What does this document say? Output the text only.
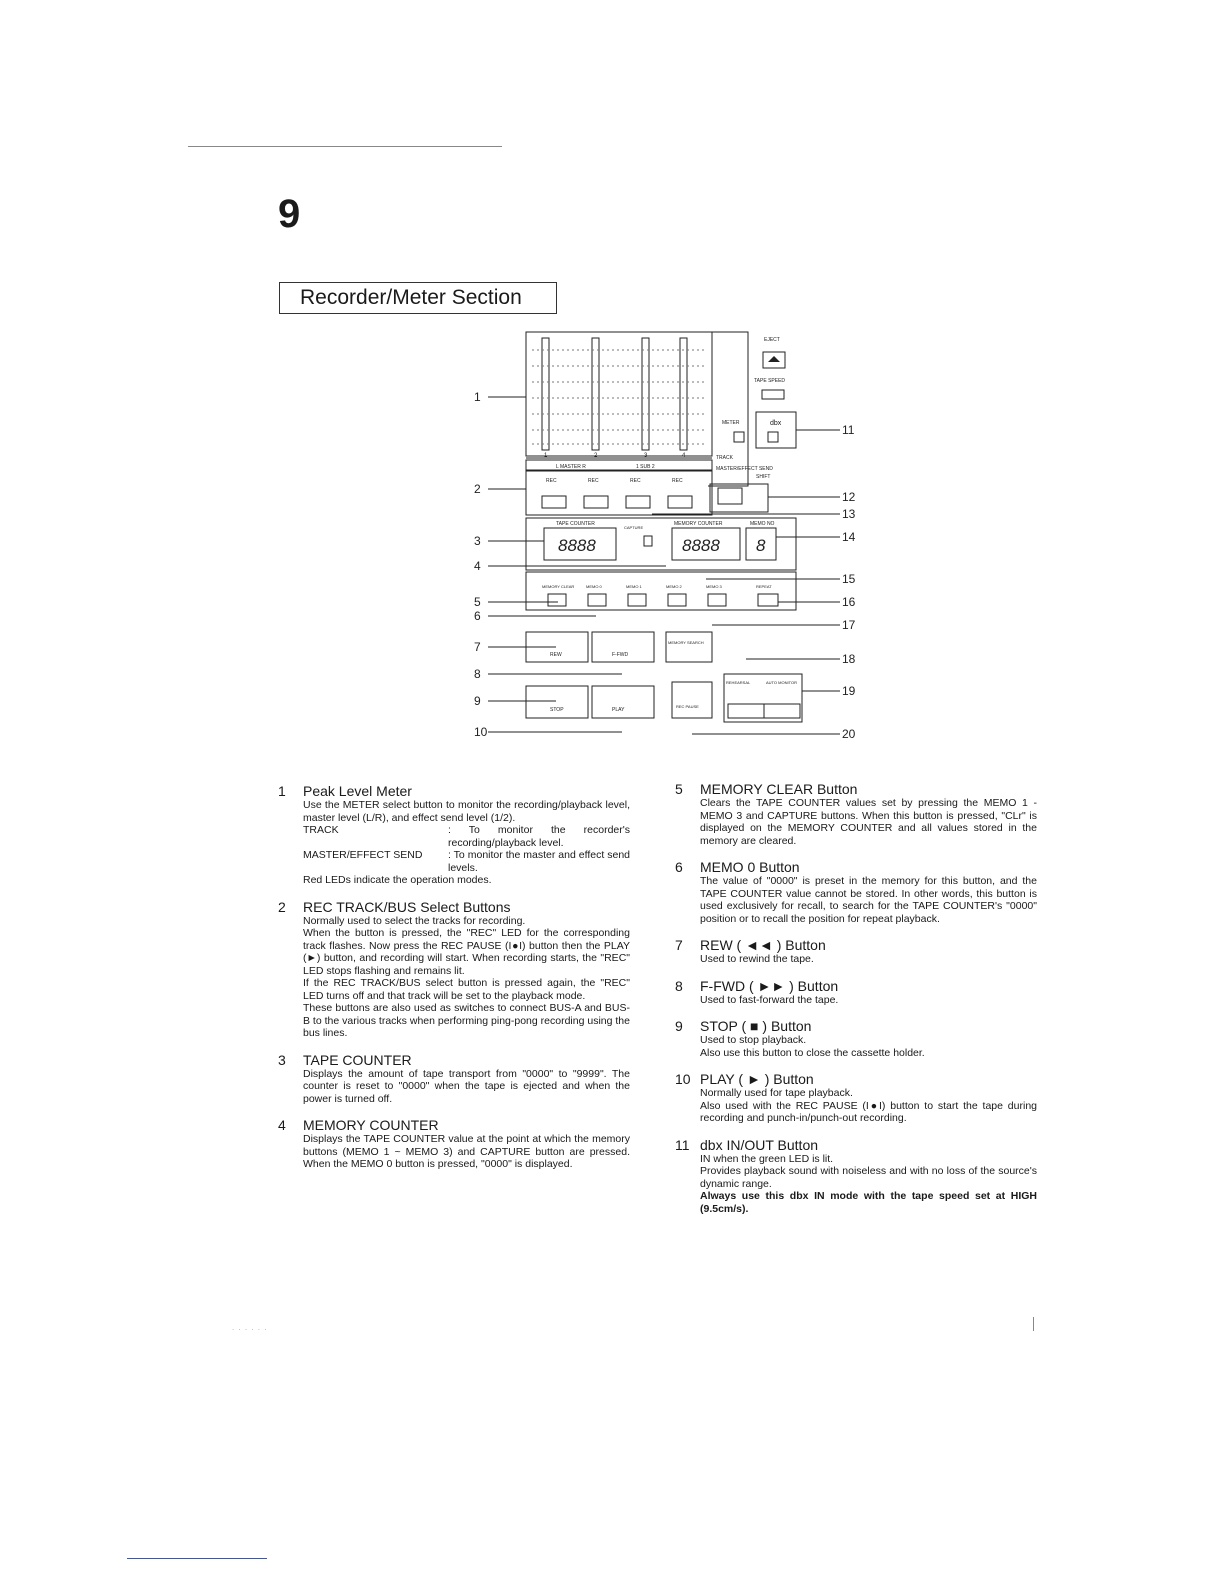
9
Recorder/Meter Section
1	2	3	4
L MASTER R	1 SUB 2
EJECT
TAPE SPEED
METER	dbx
TRACK
MASTER/EFFECT SEND
REC	REC	REC	REC
SHIFT
TAPE COUNTER
8888
CAPTURE
MEMORY COUNTER
8888
MEMO NO
8
MEMORY CLEAR	MEMO 0	MEMO 1	MEMO 2	MEMO 3	REPEAT
REW	F-FWD
MEMORY SEARCH
STOP	PLAY
REC PAUSE
REHEARSAL	AUTO MONITOR
1
2
3
4
5
6
7
8
9
10
11
12
13
14
15
16
17
18
19
20
1 Peak Level Meter

Use the METER select button to monitor the recording/playback level, master level (L/R), and effect send level (1/2).

TRACK	: To monitor the recorder's recording/playback level.
MASTER/EFFECT SEND	: To monitor the master and effect send levels.

Red LEDs indicate the operation modes.

2 REC TRACK/BUS Select Buttons

Normally used to select the tracks for recording.

When the button is pressed, the "REC" LED for the corresponding track flashes. Now press the REC PAUSE (I●I) button then the PLAY (►) button, and recording will start. When recording starts, the "REC" LED stops flashing and remains lit.

If the REC TRACK/BUS select button is pressed again, the "REC" LED turns off and that track will be set to the playback mode.

These buttons are also used as switches to connect BUS-A and BUS-B to the various tracks when performing ping-pong recording using the bus lines.

3 TAPE COUNTER
Displays the amount of tape transport from "0000" to "9999". The counter is reset to "0000" when the tape is ejected and when the power is turned off.
4 MEMORY COUNTER
Displays the TAPE COUNTER value at the point at which the memory buttons (MEMO 1 ~ MEMO 3) and CAPTURE button are pressed. When the MEMO 0 button is pressed, "0000" is displayed.
5 MEMORY CLEAR Button
Clears the TAPE COUNTER values set by pressing the MEMO 1 - MEMO 3 and CAPTURE buttons. When this button is pressed, "CLr" is displayed on the MEMORY COUNTER and all values stored in the memory are cleared.
6 MEMO 0 Button
The value of "0000" is preset in the memory for this button, and the TAPE COUNTER value cannot be stored. In other words, this button is used exclusively for recall, to search for the TAPE COUNTER's "0000" position or to recall the position for repeat playback.
7 REW ( ◄◄ ) Button
Used to rewind the tape.
8 F-FWD ( ►► ) Button
Used to fast-forward the tape.
9 STOP ( ■ ) Button

Used to stop playback.

Also use this button to close the cassette holder.

10 PLAY ( ► ) Button

Normally used for tape playback.

Also used with the REC PAUSE (I●I) button to start the tape during recording and punch-in/punch-out recording.

11 dbx IN/OUT Button

IN when the green LED is lit.

Provides playback sound with noiseless and with no loss of the source's dynamic range.

Always use this dbx IN mode with the tape speed set at HIGH (9.5cm/s).

. . . . . .
